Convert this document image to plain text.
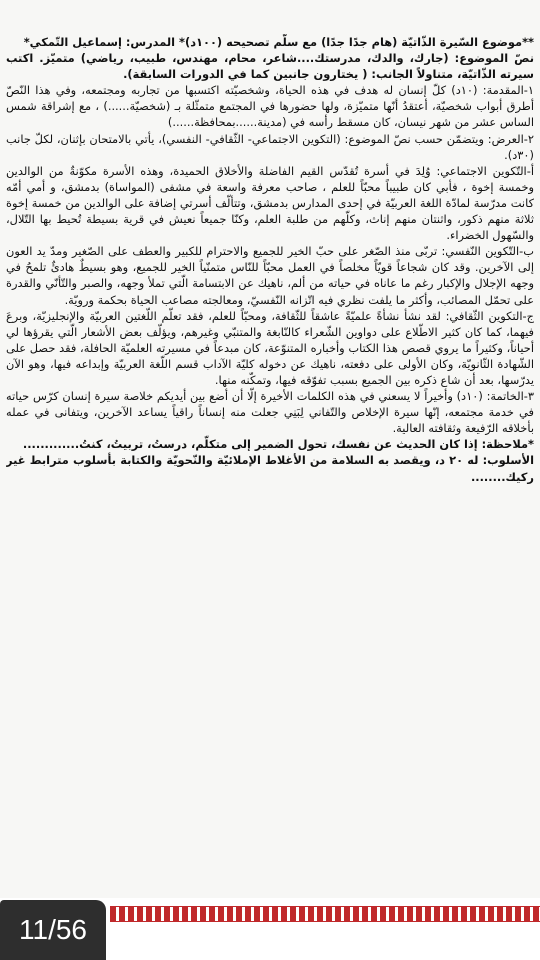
**موضوع السّيرة الذّاتيّة (هام جدًا جدًا) مع سلّم تصحيحه (١٠٠د)* المدرس: إسماعيل التّمكي*

نصّ الموضوع: (جارك، والدك، مدرستك....شاعر، محام، مهندس، طبيب، رياضي) متميّز. اكتب سيرته الذّاتيّة، متناولاً الجانب: ( يختارون جانبين كما في الدورات السابقة).

١-المقدمة: (١٠د) كلّ إنسان له هدف في هذه الحياة، وشخصيّته اكتسبها من تجاربه ومجتمعه، وفي هذا النّصّ أطرق أبواب شخصيّة، أعتقدُ أنّها متميّزة، ولها حضورها في المجتمع متمثّلة بـ (شخصيّة......) ، مع إشراقة شمس الساس عشر من شهر نيسان، كان مسقط رأسه في (مدينة......بمحافظة......)

٢-العرض: ويتضمّن حسب نصّ الموضوع: (التكوين الاجتماعي- الثّقافي- النفسي)، يأتي بالامتحان بإثنان، لكلّ جانب (٣٠د).

أ-التّكوين الاجتماعي: وُلِدَ في أسرة تُقدّس القيم الفاضلة والأخلاق الحميدة، وهذه الأسرة مكوّنةٌ من الوالدين وخمسة إخوة ، فأبي كان طبيباً محبّاً للعلم ، صاحب معرفة واسعة في مشفى (المواساة) بدمشق، و أمي أمّه كانت مدرّسة لمادّة اللغة العربيّة في إحدى المدارس بدمشق، وتتألّف أسرتي إضافة على الوالدين من خمسة إخوة ثلاثة منهم ذكور، واثنتان منهم إناث، وكلّهم من طلبة العلم، وكنّا جميعاً نعيش في قرية بسيطة تُحيط بها التّلال، والسّهول الخضراء.

ب-التّكوين النّفسي: تربّى منذ الصّغر على حبّ الخير للجميع والاحترام للكبير والعطف على الصّغير ومدّ يد العون إلى الآخرين. وقد كان شجاعاً قويّاً مخلصاً في العمل محبّاً للنّاس متمنّياً الخير للجميع، وهو بسيطٌ هادئٌ تلمحُ في وجهه الإجلال والإكبار رغم ما عاناه في حياته من ألم، ناهيك عن الابتسامة الّتي تملأ وجهه، والصبر والتّأنّي والقدرة على تحمّل المصائب، وأكثر ما يلفت نظري فيه اتّزانه النّفسيّ، ومعالجته مصاعب الحياة بحكمة ورويّة.

ج-التكوين الثّقافي: لقد نشأ نشأةً علميّةً عاشقاً للثّقافة، ومحبّاً للعلم، فقد تعلّم اللّغتين العربيّة والإنجليزيّة، وبرعَ فيهما، كما كان كثير الاطّلاع على دواوين الشّعراء كالنّابغة والمتنبّي وغيرهم، ويؤلّف بعض الأشعار الّتي يقرؤها لي أحياناً، وكثيراً ما يروي قصص هذا الكتاب وأخباره المتنوّعة، كان مبدعاً في مسيرته العلميّة الحافلة، فقد حصل على الشّهادة الثّانويّة، وكان الأولى على دفعته، ناهيك عن دخوله كليّة الآداب قسم اللّغة العربيّة وإبداعه فيها، وهو الآن يدرّسها، بعد أن شاع ذكره بين الجميع بسبب تفوّقه فيها، وتمكّنه منها.

٣-الخاتمة: (١٠د) وأخيراً لا يسعني في هذه الكلمات الأخيرة إلّا أن أضع بين أيديكم خلاصة سيرة إنسان كرّس حياته في خدمة مجتمعه، إنّها سيرة الإخلاص والتّفاني لِبَنِي جعلت منه إنساناً راقياً يساعد الآخرين، ويتفانى في عمله بأخلاقه الرّفيعة وثقافته العالية.

*ملاحظة: إذا كان الحديث عن نفسك، تحول الضمير إلى متكلّم، درستُ، تربيتُ، كنتُ.............

الأسلوب: له ٢٠ د، ويقصد به السلامة من الأغلاط الإملائيّة والنّحويّة والكتابة بأسلوب مترابط غير ركيك........

11/56
